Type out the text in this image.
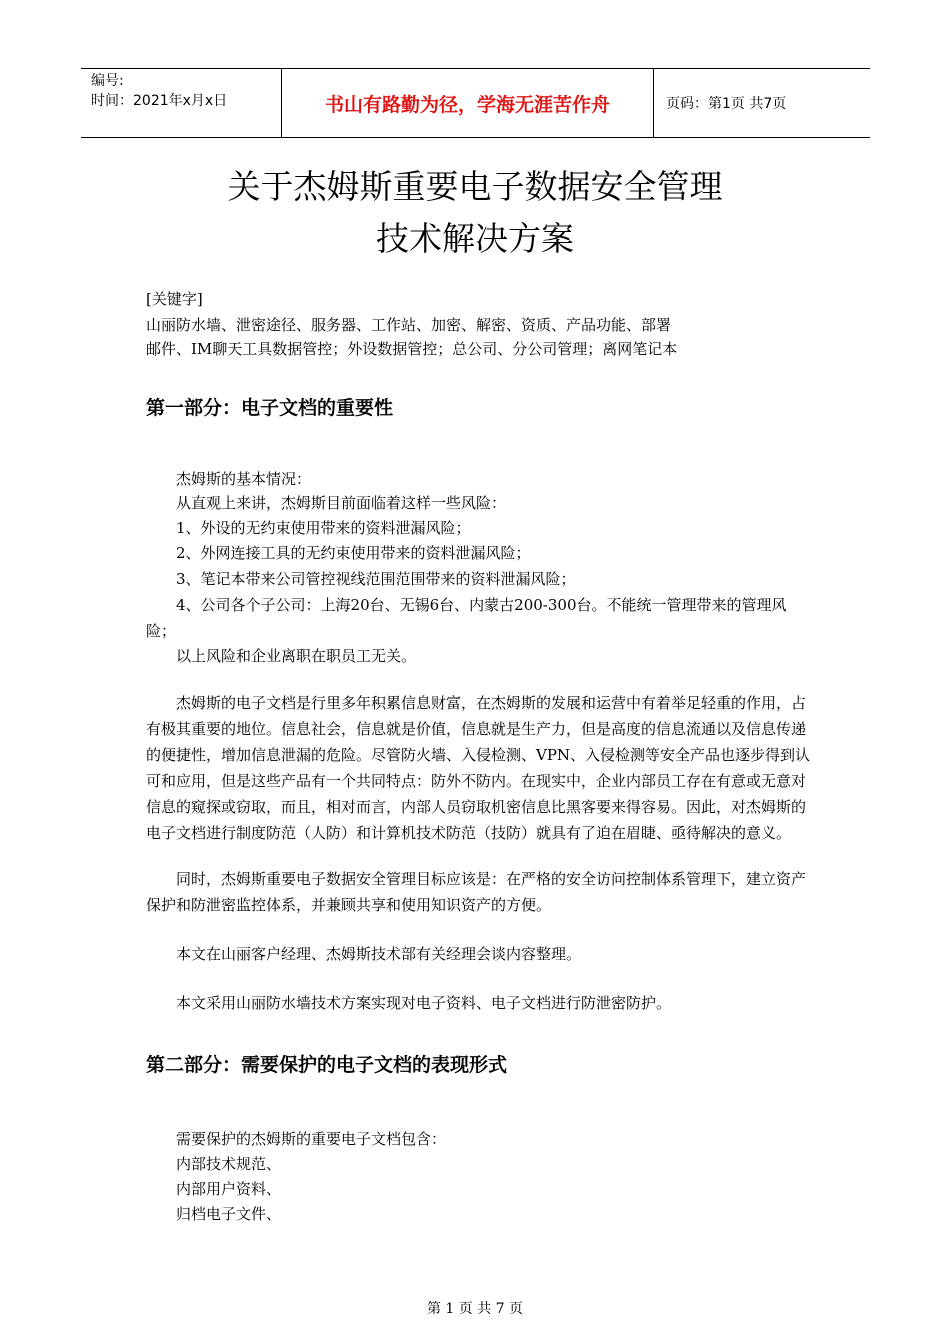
编号:
时间：2021年x月x日	书山有路勤为径，学海无涯苦作舟	页码：第1页 共7页
关于杰姆斯重要电子数据安全管理
技术解决方案
[关键字]
山丽防水墙、泄密途径、服务器、工作站、加密、解密、资质、产品功能、部署
邮件、IM聊天工具数据管控；外设数据管控；总公司、分公司管理；离网笔记本
第一部分：电子文档的重要性

杰姆斯的基本情况：

从直观上来讲，杰姆斯目前面临着这样一些风险：

1、外设的无约束使用带来的资料泄漏风险；

2、外网连接工具的无约束使用带来的资料泄漏风险；

3、笔记本带来公司管控视线范围范围带来的资料泄漏风险；

4、公司各个子公司：上海20台、无锡6台、内蒙古200-300台。不能统一管理带来的管理风险；

以上风险和企业离职在职员工无关。

杰姆斯的电子文档是行里多年积累信息财富，在杰姆斯的发展和运营中有着举足轻重的作用，占有极其重要的地位。信息社会，信息就是价值，信息就是生产力，但是高度的信息流通以及信息传递的便捷性，增加信息泄漏的危险。尽管防火墙、入侵检测、VPN、入侵检测等安全产品也逐步得到认可和应用，但是这些产品有一个共同特点：防外不防内。在现实中，企业内部员工存在有意或无意对信息的窥探或窃取，而且，相对而言，内部人员窃取机密信息比黑客要来得容易。因此，对杰姆斯的电子文档进行制度防范（人防）和计算机技术防范（技防）就具有了迫在眉睫、亟待解决的意义。

同时，杰姆斯重要电子数据安全管理目标应该是：在严格的安全访问控制体系管理下，建立资产保护和防泄密监控体系，并兼顾共享和使用知识资产的方便。

本文在山丽客户经理、杰姆斯技术部有关经理会谈内容整理。

本文采用山丽防水墙技术方案实现对电子资料、电子文档进行防泄密防护。

第二部分：需要保护的电子文档的表现形式

需要保护的杰姆斯的重要电子文档包含：

内部技术规范、

内部用户资料、

归档电子文件、

第 1 页 共 7 页
